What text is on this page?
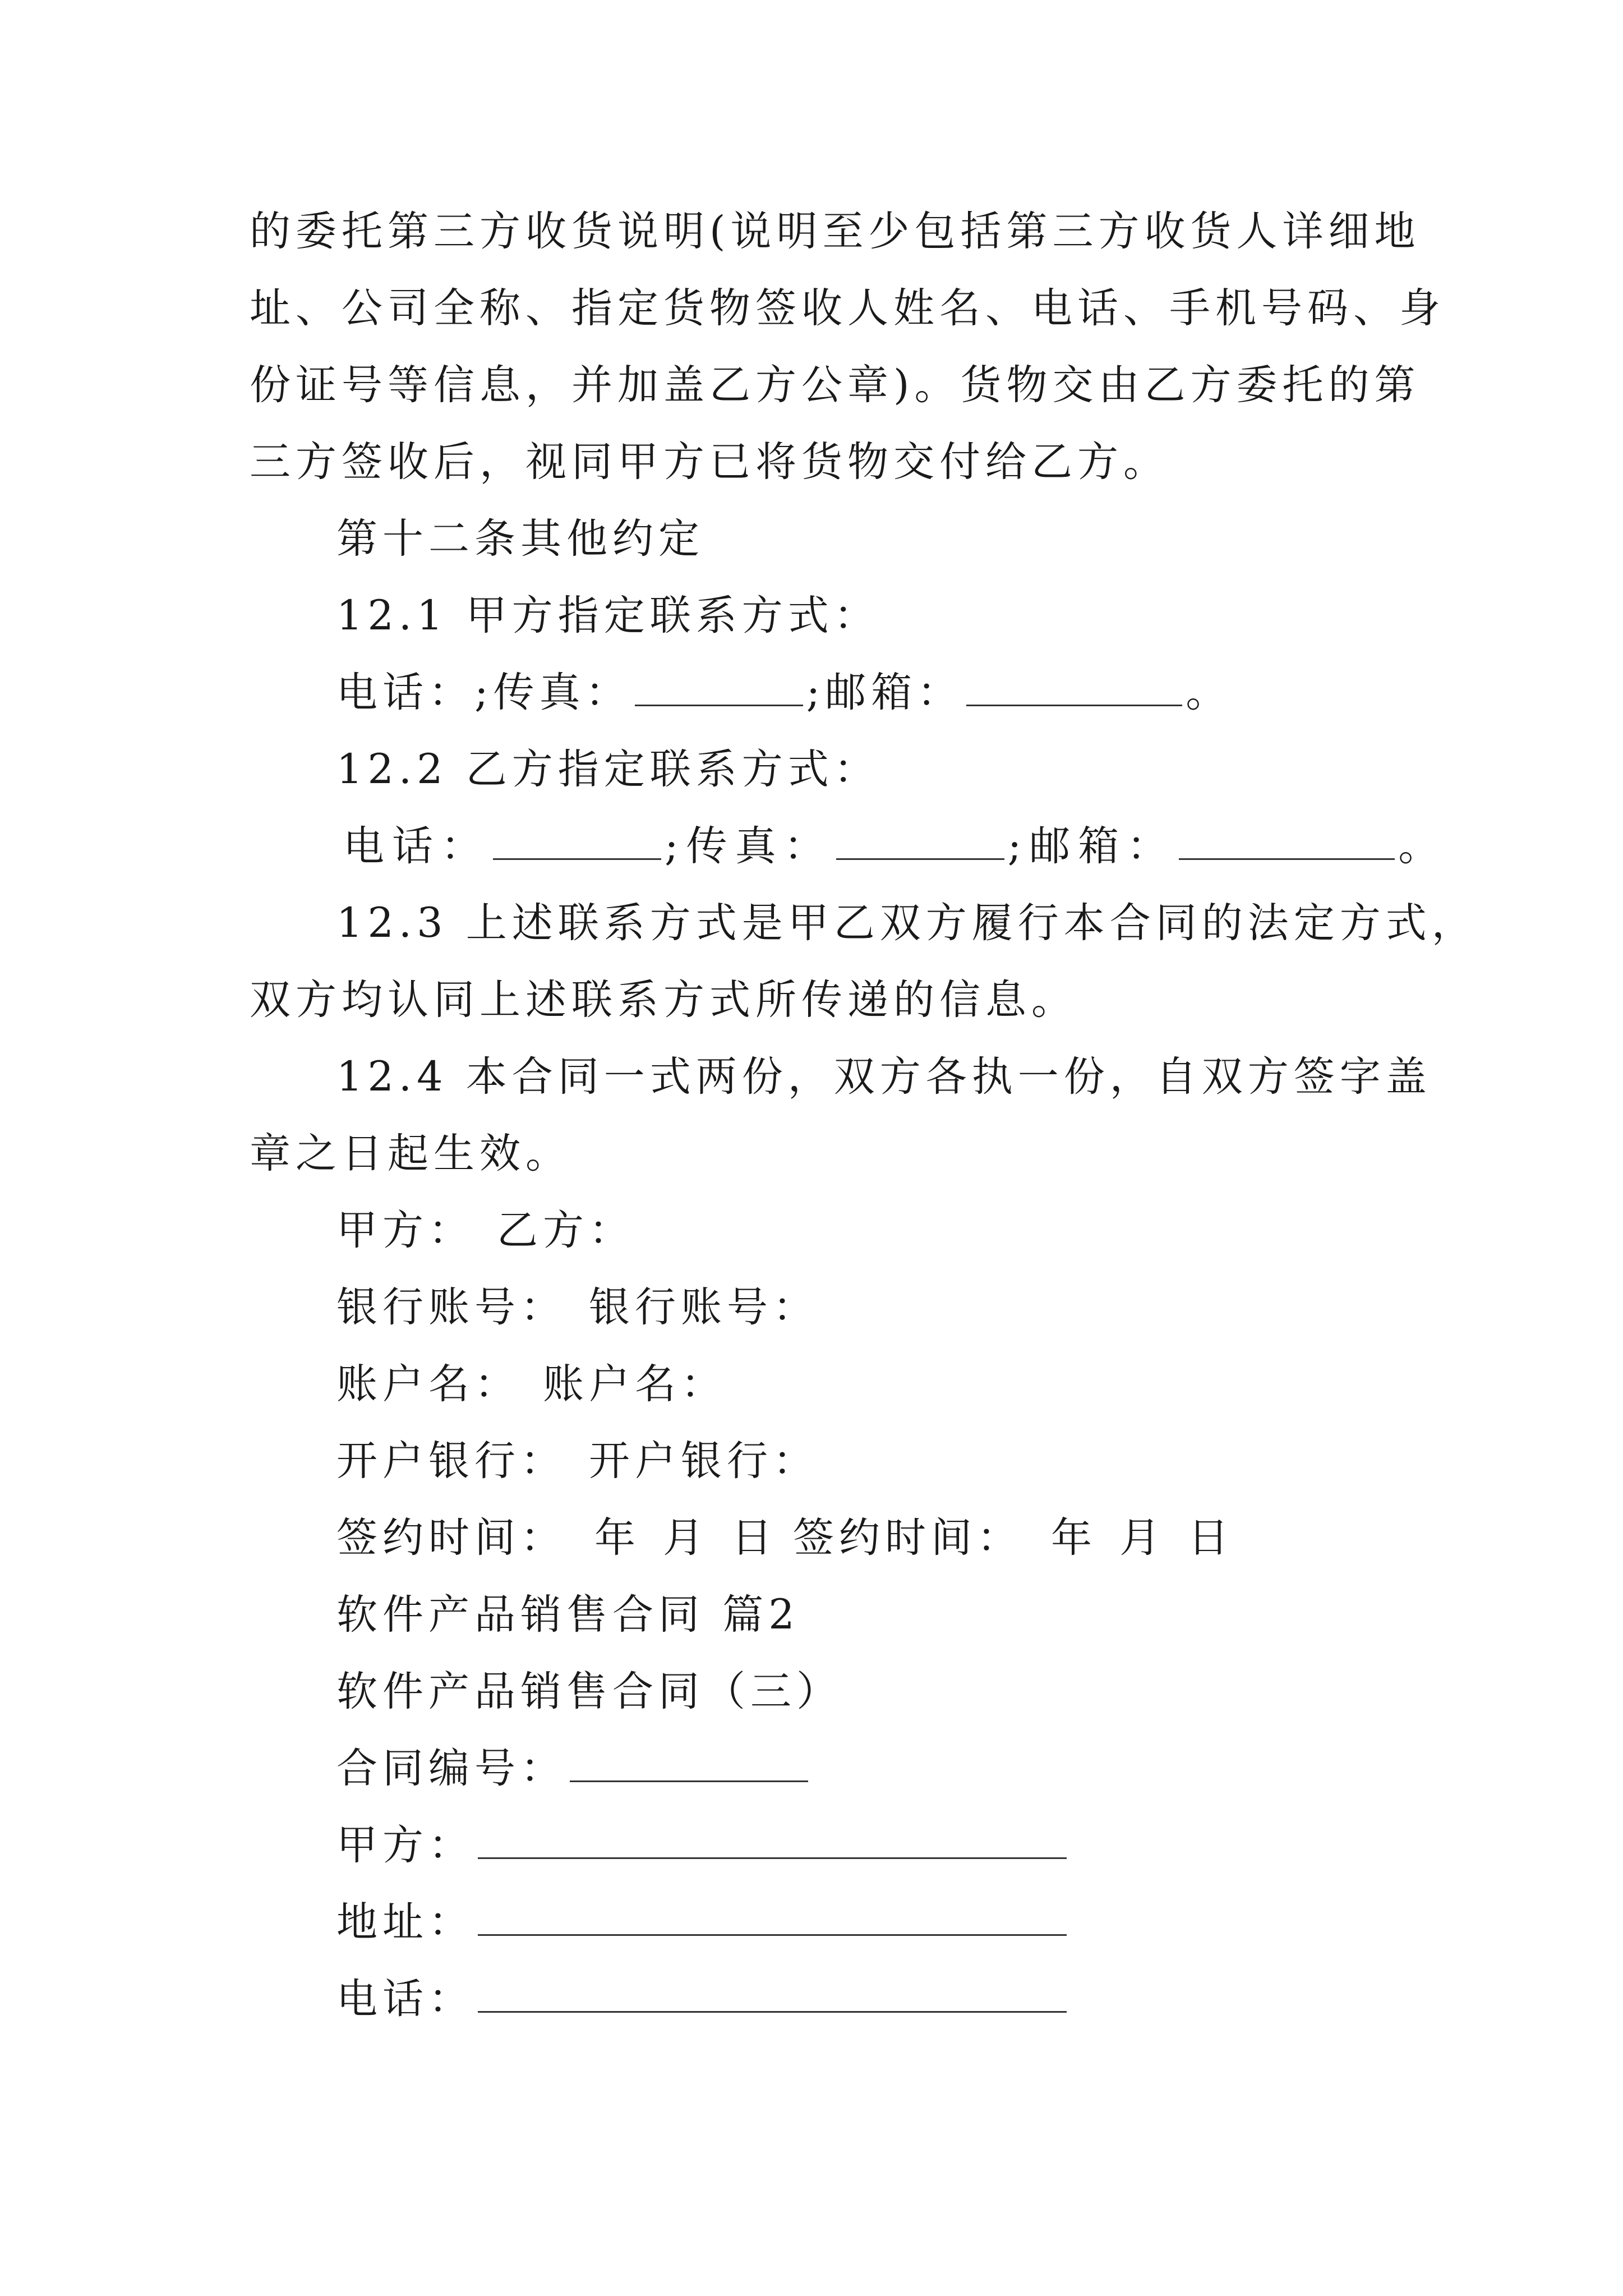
的委托第三方收货说明(说明至少包括第三方收货人详细地
址、公司全称、指定货物签收人姓名、电话、手机号码、身
份证号等信息，并加盖乙方公章)。货物交由乙方委托的第
三方签收后，视同甲方已将货物交付给乙方。
第十二条其他约定
12.1 甲方指定联系方式：
电话：;传真：	;邮箱：	。
12.2 乙方指定联系方式：
电话：	;传真：	;邮箱：	。
12.3 上述联系方式是甲乙双方履行本合同的法定方式，
双方均认同上述联系方式所传递的信息。
12.4 本合同一式两份，双方各执一份，自双方签字盖
章之日起生效。
甲方： 乙方：
银行账号： 银行账号：
账户名： 账户名：
开户银行： 开户银行：
签约时间： 年 月 日 签约时间： 年 月 日
软件产品销售合同 篇2
软件产品销售合同（三）
合同编号：
甲方：
地址：
电话：
